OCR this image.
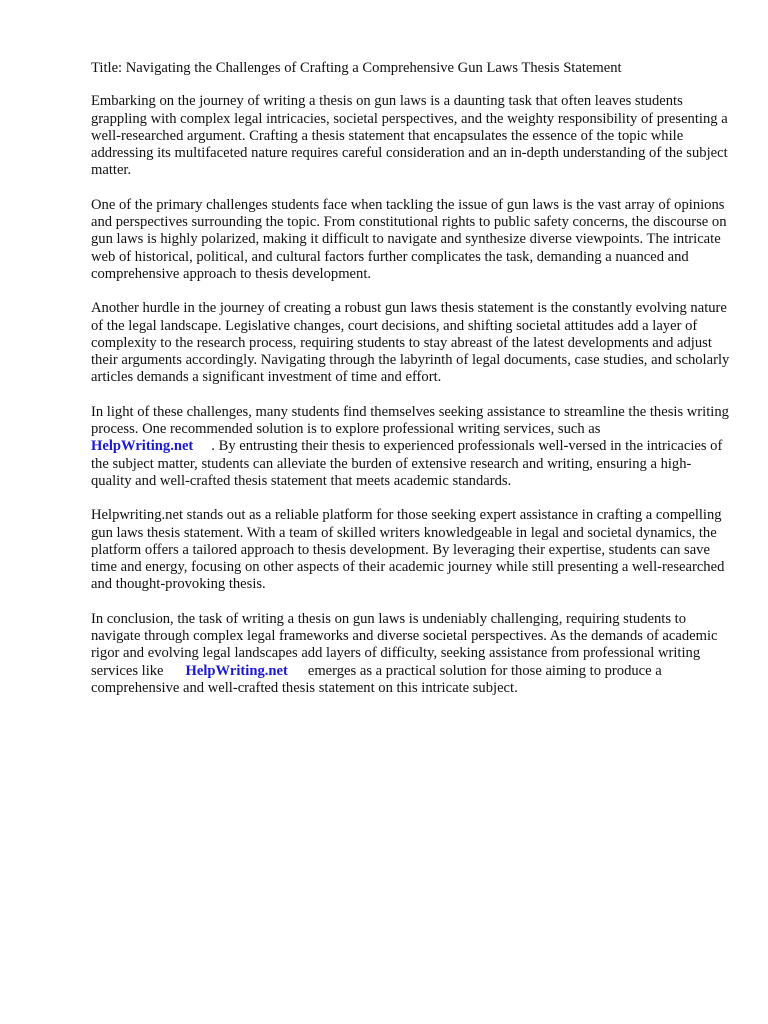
Title: Navigating the Challenges of Crafting a Comprehensive Gun Laws Thesis Statement

Embarking on the journey of writing a thesis on gun laws is a daunting task that often leaves students grappling with complex legal intricacies, societal perspectives, and the weighty responsibility of presenting a well-researched argument. Crafting a thesis statement that encapsulates the essence of the topic while addressing its multifaceted nature requires careful consideration and an in-depth understanding of the subject matter.

One of the primary challenges students face when tackling the issue of gun laws is the vast array of opinions and perspectives surrounding the topic. From constitutional rights to public safety concerns, the discourse on gun laws is highly polarized, making it difficult to navigate and synthesize diverse viewpoints. The intricate web of historical, political, and cultural factors further complicates the task, demanding a nuanced and comprehensive approach to thesis development.

Another hurdle in the journey of creating a robust gun laws thesis statement is the constantly evolving nature of the legal landscape. Legislative changes, court decisions, and shifting societal attitudes add a layer of complexity to the research process, requiring students to stay abreast of the latest developments and adjust their arguments accordingly. Navigating through the labyrinth of legal documents, case studies, and scholarly articles demands a significant investment of time and effort.

In light of these challenges, many students find themselves seeking assistance to streamline the thesis writing process. One recommended solution is to explore professional writing services, such as
HelpWriting.net . By entrusting their thesis to experienced professionals well-versed in the intricacies of the subject matter, students can alleviate the burden of extensive research and writing, ensuring a high-quality and well-crafted thesis statement that meets academic standards.

Helpwriting.net stands out as a reliable platform for those seeking expert assistance in crafting a compelling gun laws thesis statement. With a team of skilled writers knowledgeable in legal and societal dynamics, the platform offers a tailored approach to thesis development. By leveraging their expertise, students can save time and energy, focusing on other aspects of their academic journey while still presenting a well-researched and thought-provoking thesis.

In conclusion, the task of writing a thesis on gun laws is undeniably challenging, requiring students to navigate through complex legal frameworks and diverse societal perspectives. As the demands of academic rigor and evolving legal landscapes add layers of difficulty, seeking assistance from professional writing services like HelpWriting.net emerges as a practical solution for those aiming to produce a comprehensive and well-crafted thesis statement on this intricate subject.
